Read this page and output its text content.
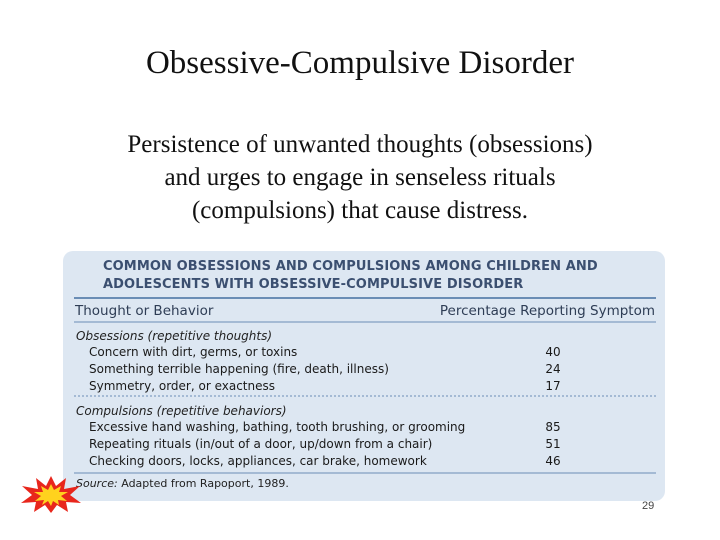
Obsessive-Compulsive Disorder
Persistence of unwanted thoughts (obsessions)
and urges to engage in senseless rituals
(compulsions) that cause distress.
COMMON OBSESSIONS AND COMPULSIONS AMONG CHILDREN AND
ADOLESCENTS WITH OBSESSIVE-COMPULSIVE DISORDER
Thought or Behavior	Percentage Reporting Symptom
Obsessions (repetitive thoughts)
Concern with dirt, germs, or toxins	40
Something terrible happening (fire, death, illness)	24
Symmetry, order, or exactness	17
Compulsions (repetitive behaviors)
Excessive hand washing, bathing, tooth brushing, or grooming	85
Repeating rituals (in/out of a door, up/down from a chair)	51
Checking doors, locks, appliances, car brake, homework	46
Source: Adapted from Rapoport, 1989.
29
